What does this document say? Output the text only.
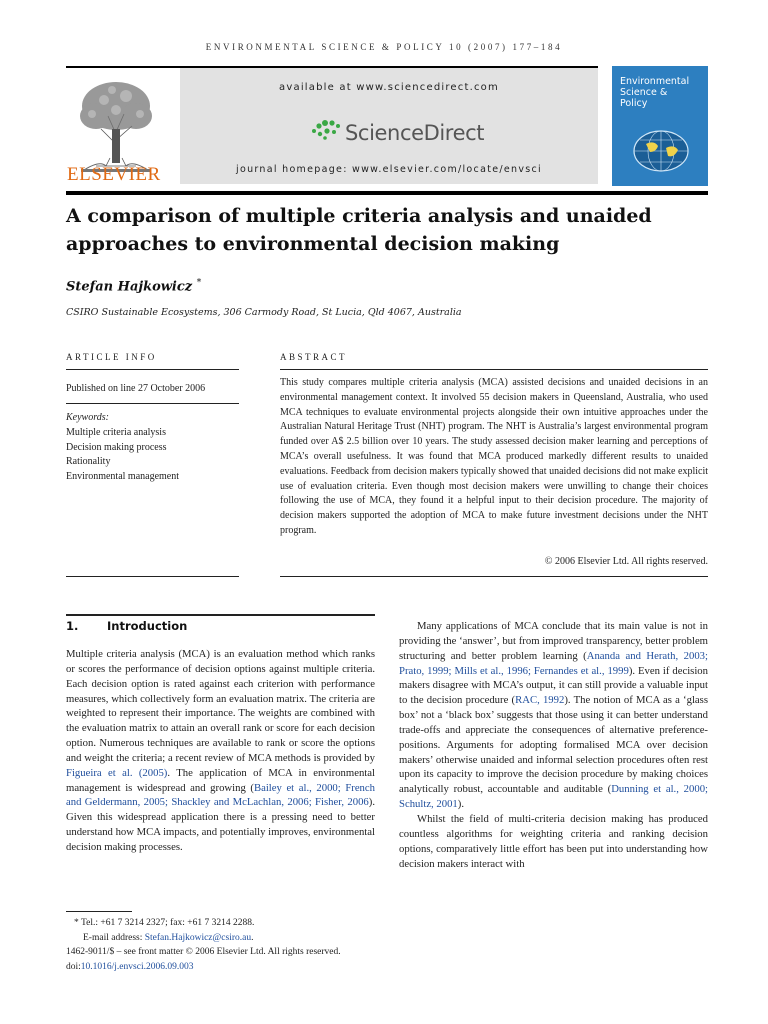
ENVIRONMENTAL SCIENCE & POLICY 10 (2007) 177–184
ELSEVIER
available at www.sciencedirect.com
ScienceDirect
journal homepage: www.elsevier.com/locate/envsci
Environmental
Science &
Policy
A comparison of multiple criteria analysis and unaided approaches to environmental decision making
Stefan Hajkowicz *
CSIRO Sustainable Ecosystems, 306 Carmody Road, St Lucia, Qld 4067, Australia
ARTICLE INFO
Published on line 27 October 2006
Keywords:
Multiple criteria analysis
Decision making process
Rationality
Environmental management
ABSTRACT
This study compares multiple criteria analysis (MCA) assisted decisions and unaided decisions in an environmental management context. It involved 55 decision makers in Queensland, Australia, who used MCA techniques to evaluate environmental projects alongside their own intuitive approaches under the Australian Natural Heritage Trust (NHT) program. The NHT is Australia’s largest environmental program funded over A$ 2.5 billion over 10 years. The study assessed decision maker learning and perceptions of MCA’s overall usefulness. It was found that MCA produced markedly different results to unaided evaluations. Feedback from decision makers typically showed that unaided decisions did not make explicit use of evaluation criteria. Even though most decision makers were unwilling to change their choices following the use of MCA, they found it a helpful input to their decision procedure. The majority of decision makers supported the adoption of MCA to make future investment decisions under the NHT program.
© 2006 Elsevier Ltd. All rights reserved.
1. Introduction

Multiple criteria analysis (MCA) is an evaluation method which ranks or scores the performance of decision options against multiple criteria. Each decision option is rated against each criterion with performance measures, which collectively form an evaluation matrix. The criteria are weighted to represent their importance. The weights are combined with the evaluation matrix to attain an overall rank or score for each decision option. Numerous techniques are available to rank or score the options and weight the criteria; a recent review of MCA methods is provided by Figueira et al. (2005). The application of MCA in environmental management is widespread and growing (Bailey et al., 2000; French and Geldermann, 2005; Shackley and McLachlan, 2006; Fisher, 2006). Given this widespread application there is a pressing need to better understand how MCA impacts, and potentially improves, environmental decision making processes.

Many applications of MCA conclude that its main value is not in providing the ‘answer’, but from improved transparency, better problem structuring and better problem learning (Ananda and Herath, 2003; Prato, 1999; Mills et al., 1996; Fernandes et al., 1999). Even if decision makers disagree with MCA’s output, it can still provide a valuable input to the decision procedure (RAC, 1992). The notion of MCA as a ‘glass box’ not a ‘black box’ suggests that those using it can better understand trade-offs and appreciate the consequences of alternative preference-positions. Arguments for adopting formalised MCA over decision makers’ otherwise unaided and informal selection procedures often rest upon its capacity to improve the decision procedure by making choices analytically robust, accountable and auditable (Dunning et al., 2000; Schultz, 2001).

Whilst the field of multi-criteria decision making has produced countless algorithms for weighting criteria and ranking decision options, comparatively little effort has been put into understanding how decision makers interact with

* Tel.: +61 7 3214 2327; fax: +61 7 3214 2288.
E-mail address: Stefan.Hajkowicz@csiro.au.
1462-9011/$ – see front matter © 2006 Elsevier Ltd. All rights reserved.
doi:10.1016/j.envsci.2006.09.003
